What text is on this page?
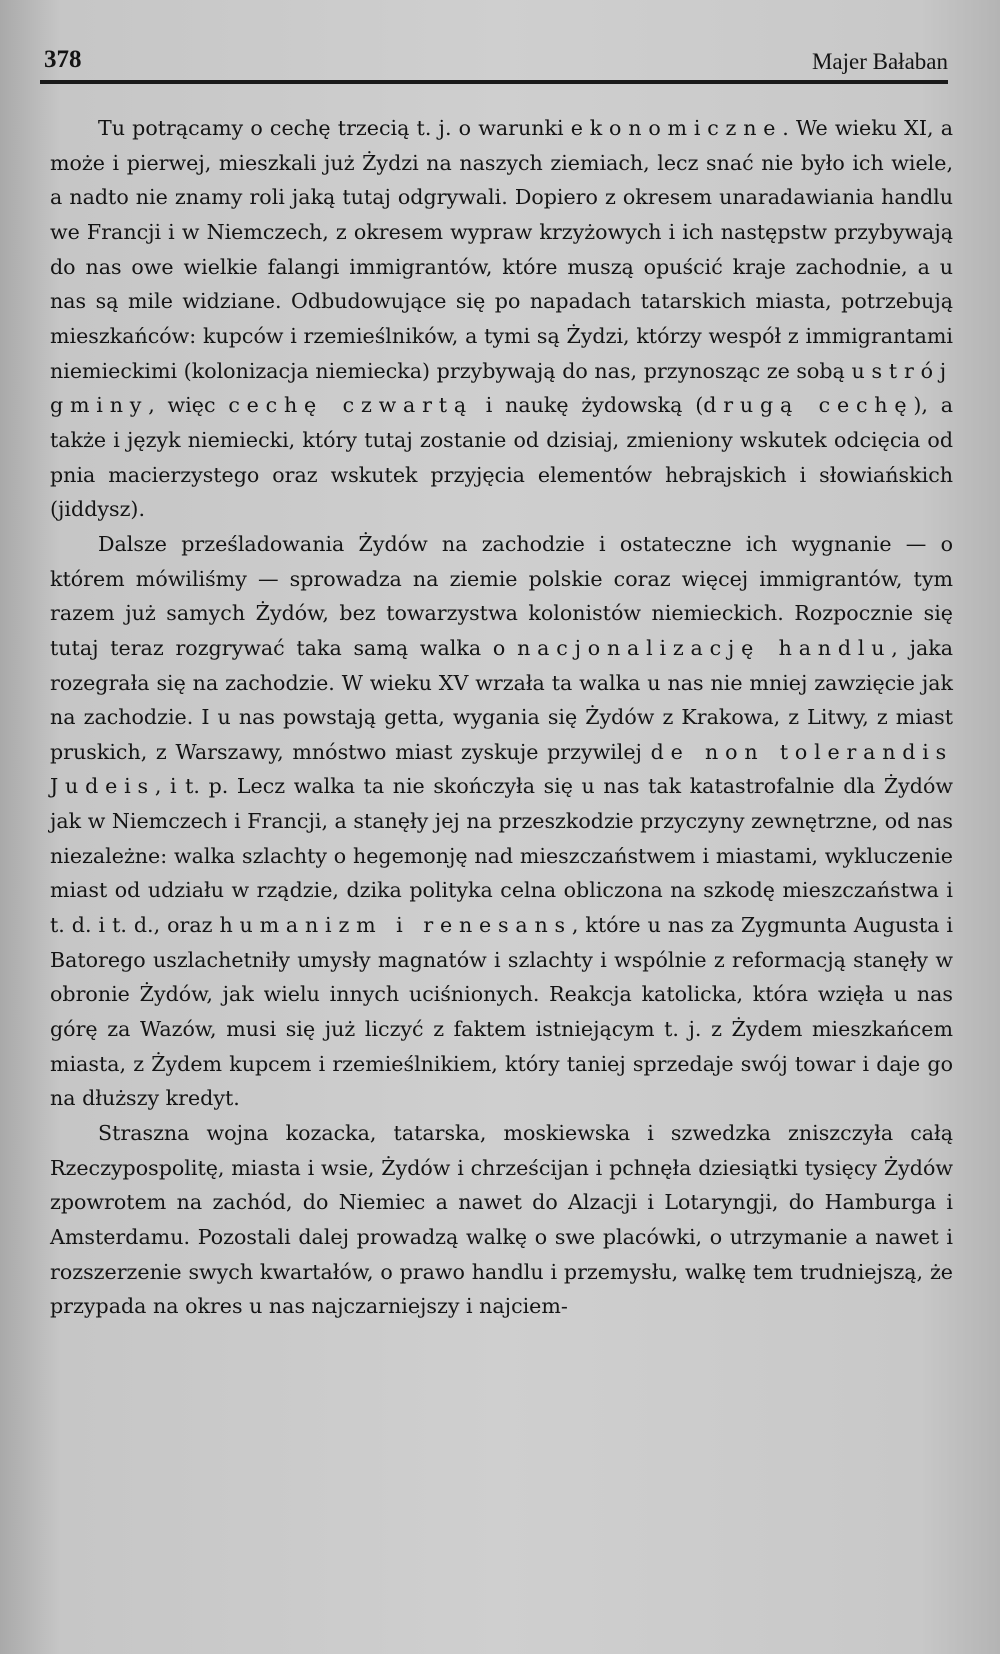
378	Majer Bałaban

Tu potrącamy o cechę trzecią t. j. o warunki ekonomiczne. We wieku XI, a może i pierwej, mieszkali już Żydzi na naszych ziemiach, lecz snać nie było ich wiele, a nadto nie znamy roli jaką tutaj odgrywali. Dopiero z okresem unaradawiania handlu we Francji i w Niemczech, z okresem wypraw krzyżowych i ich następstw przybywają do nas owe wielkie falangi immigrantów, które muszą opuścić kraje zachodnie, a u nas są mile widziane. Odbudowujące się po napadach tatarskich miasta, potrzebują mieszkańców: kupców i rzemieślników, a tymi są Żydzi, którzy wespół z immigrantami niemieckimi (kolonizacja niemiecka) przybywają do nas, przynosząc ze sobą ustrój gminy, więc cechę czwartą i naukę żydowską (drugą cechę), a także i język niemiecki, który tutaj zostanie od dzisiaj, zmieniony wskutek odcięcia od pnia macierzystego oraz wskutek przyjęcia elementów hebrajskich i słowiańskich (jiddysz).

Dalsze prześladowania Żydów na zachodzie i ostateczne ich wygnanie — o którem mówiliśmy — sprowadza na ziemie polskie coraz więcej immigrantów, tym razem już samych Żydów, bez towarzystwa kolonistów niemieckich. Rozpocznie się tutaj teraz rozgrywać taka samą walka o nacjonalizację handlu, jaka rozegrała się na zachodzie. W wieku XV wrzała ta walka u nas nie mniej zawzięcie jak na zachodzie. I u nas powstają getta, wygania się Żydów z Krakowa, z Litwy, z miast pruskich, z Warszawy, mnóstwo miast zyskuje przywilej de non tolerandis Judeis, i t. p. Lecz walka ta nie skończyła się u nas tak katastrofalnie dla Żydów jak w Niemczech i Francji, a stanęły jej na przeszkodzie przyczyny zewnętrzne, od nas niezależne: walka szlachty o hegemonję nad mieszczaństwem i miastami, wykluczenie miast od udziału w rządzie, dzika polityka celna obliczona na szkodę mieszczaństwa i t. d. i t. d., oraz humanizm i renesans, które u nas za Zygmunta Augusta i Batorego uszlachetniły umysły magnatów i szlachty i wspólnie z reformacją stanęły w obronie Żydów, jak wielu innych uciśnionych. Reakcja katolicka, która wzięła u nas górę za Wazów, musi się już liczyć z faktem istniejącym t. j. z Żydem mieszkańcem miasta, z Żydem kupcem i rzemieślnikiem, który taniej sprzedaje swój towar i daje go na dłuższy kredyt.

Straszna wojna kozacka, tatarska, moskiewska i szwedzka zniszczyła całą Rzeczypospolitę, miasta i wsie, Żydów i chrześcijan i pchnęła dziesiątki tysięcy Żydów zpowrotem na zachód, do Niemiec a nawet do Alzacji i Lotaryngji, do Hamburga i Amsterdamu. Pozostali dalej prowadzą walkę o swe placówki, o utrzymanie a nawet i rozszerzenie swych kwartałów, o prawo handlu i przemysłu, walkę tem trudniejszą, że przypada na okres u nas najczarniejszy i najciem-
